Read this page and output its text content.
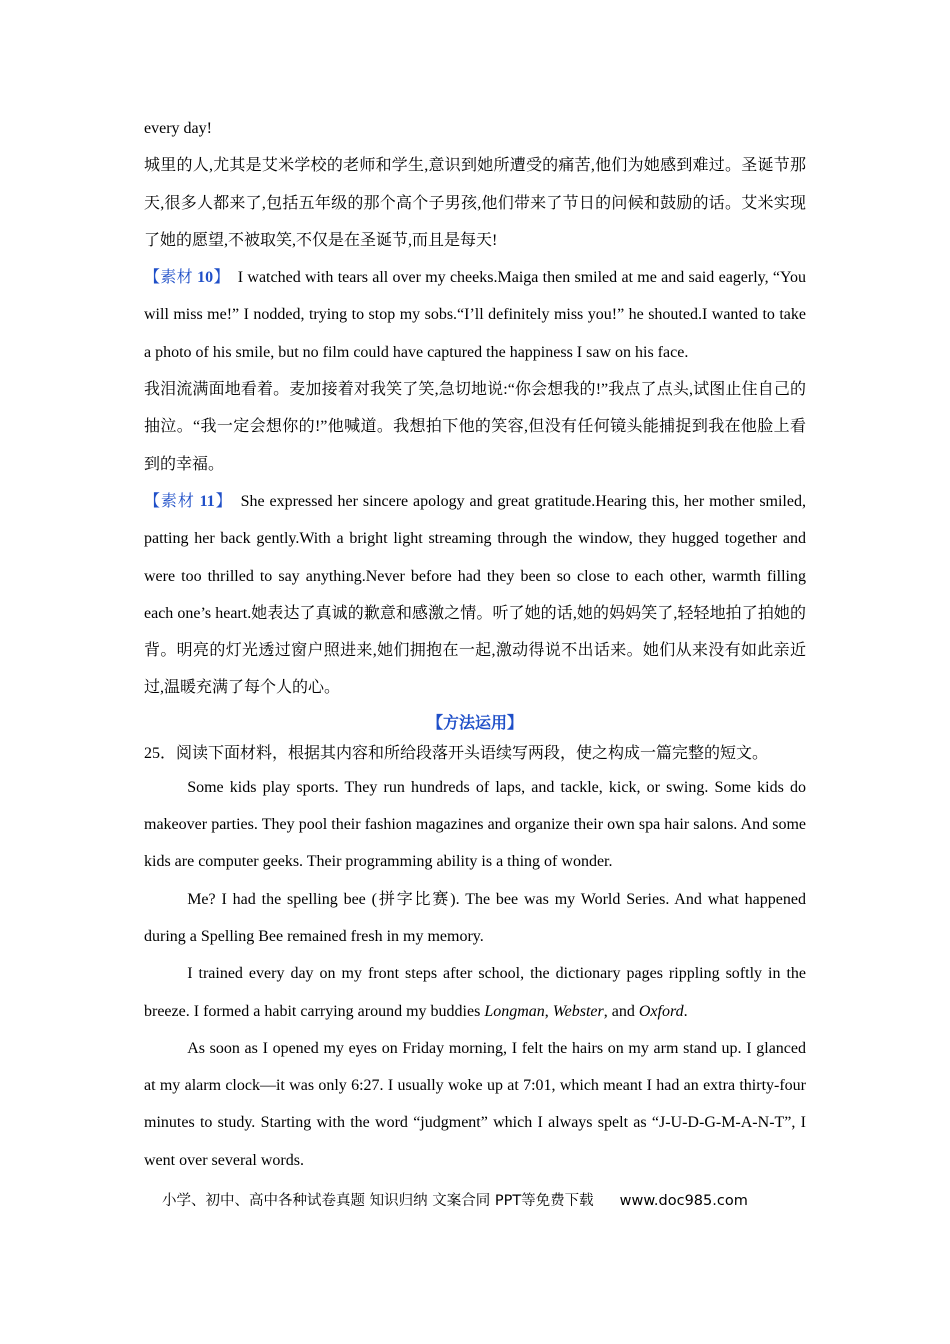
every day!

城里的人,尤其是艾米学校的老师和学生,意识到她所遭受的痛苦,他们为她感到难过。圣诞节那天,很多人都来了,包括五年级的那个高个子男孩,他们带来了节日的问候和鼓励的话。艾米实现了她的愿望,不被取笑,不仅是在圣诞节,而且是每天!

【素材 10】 I watched with tears all over my cheeks.Maiga then smiled at me and said eagerly, “You will miss me!” I nodded, trying to stop my sobs.“I’ll definitely miss you!” he shouted.I wanted to take a photo of his smile, but no film could have captured the happiness I saw on his face.

我泪流满面地看着。麦加接着对我笑了笑,急切地说:“你会想我的!”我点了点头,试图止住自己的抽泣。“我一定会想你的!”他喊道。我想拍下他的笑容,但没有任何镜头能捕捉到我在他脸上看到的幸福。

【素材 11】 She expressed her sincere apology and great gratitude.Hearing this, her mother smiled, patting her back gently.With a bright light streaming through the window, they hugged together and were too thrilled to say anything.Never before had they been so close to each other, warmth filling each one’s heart.她表达了真诚的歉意和感激之情。听了她的话,她的妈妈笑了,轻轻地拍了拍她的背。明亮的灯光透过窗户照进来,她们拥抱在一起,激动得说不出话来。她们从来没有如此亲近过,温暖充满了每个人的心。

【方法运用】

25．阅读下面材料，根据其内容和所给段落开头语续写两段，使之构成一篇完整的短文。

Some kids play sports. They run hundreds of laps, and tackle, kick, or swing. Some kids do makeover parties. They pool their fashion magazines and organize their own spa hair salons. And some kids are computer geeks. Their programming ability is a thing of wonder.

Me? I had the spelling bee (拼字比赛). The bee was my World Series. And what happened during a Spelling Bee remained fresh in my memory.

I trained every day on my front steps after school, the dictionary pages rippling softly in the breeze. I formed a habit carrying around my buddies Longman, Webster, and Oxford.

As soon as I opened my eyes on Friday morning, I felt the hairs on my arm stand up. I glanced at my alarm clock—it was only 6:27. I usually woke up at 7:01, which meant I had an extra thirty-four minutes to study. Starting with the word “judgment” which I always spelt as “J-U-D-G-M-A-N-T”, I went over several words.

小学、初中、高中各种试卷真题 知识归纳 文案合同 PPT等免费下载 www.doc985.com
